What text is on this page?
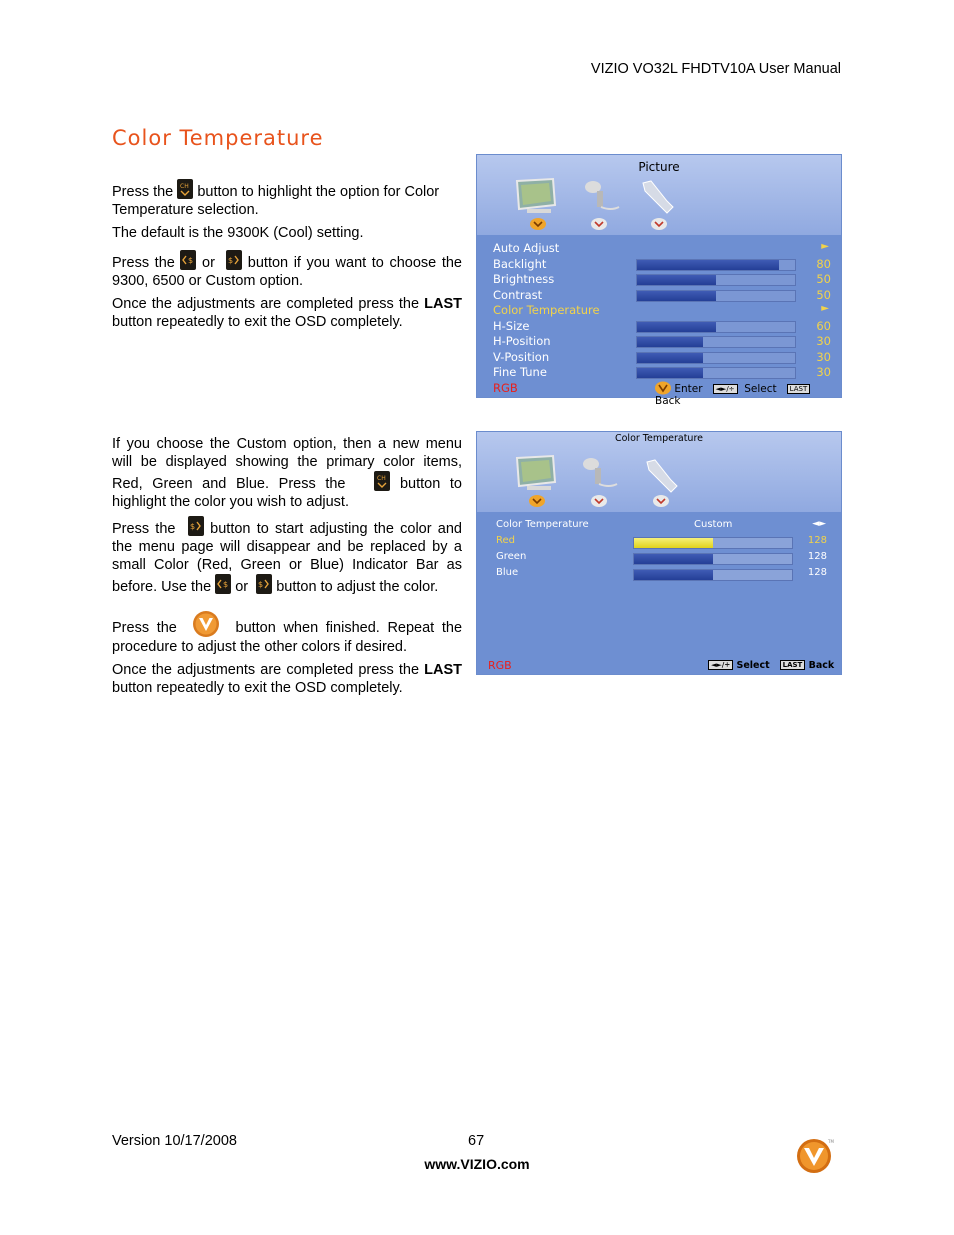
VIZIO VO32L FHDTV10A User Manual
Color Temperature

Press the CH button to highlight the option for Color Temperature selection.

The default is the 9300K (Cool) setting.

Press the $ or $ button if you want to choose the 9300, 6500 or Custom option.

Once the adjustments are completed press the LAST button repeatedly to exit the OSD completely.

Picture
Auto Adjust	►
Backlight	80
Brightness	50
Contrast	50
Color Temperature	►
H-Size	60
H-Position	30
V-Position	30
Fine Tune	30
RGB	Enter ◄►/÷ Select LAST   Back

If you choose the Custom option, then a new menu will be displayed showing the primary color items, Red, Green and Blue. Press the	CH button to highlight the color you wish to adjust.

Press the $ button to start adjusting the color and the menu page will disappear and be replaced by a small Color (Red, Green or Blue) Indicator Bar as before. Use the $ or $ button to adjust the color.

Press the	button when finished. Repeat the procedure to adjust the other colors if desired.

Once the adjustments are completed press the LAST button repeatedly to exit the OSD completely.

Color Temperature
Color Temperature	Custom	◄►
Red	128
Green	128
Blue	128
RGB	◄►/÷ Select LAST Back
Version 10/17/2008	67
www.VIZIO.com
TM
